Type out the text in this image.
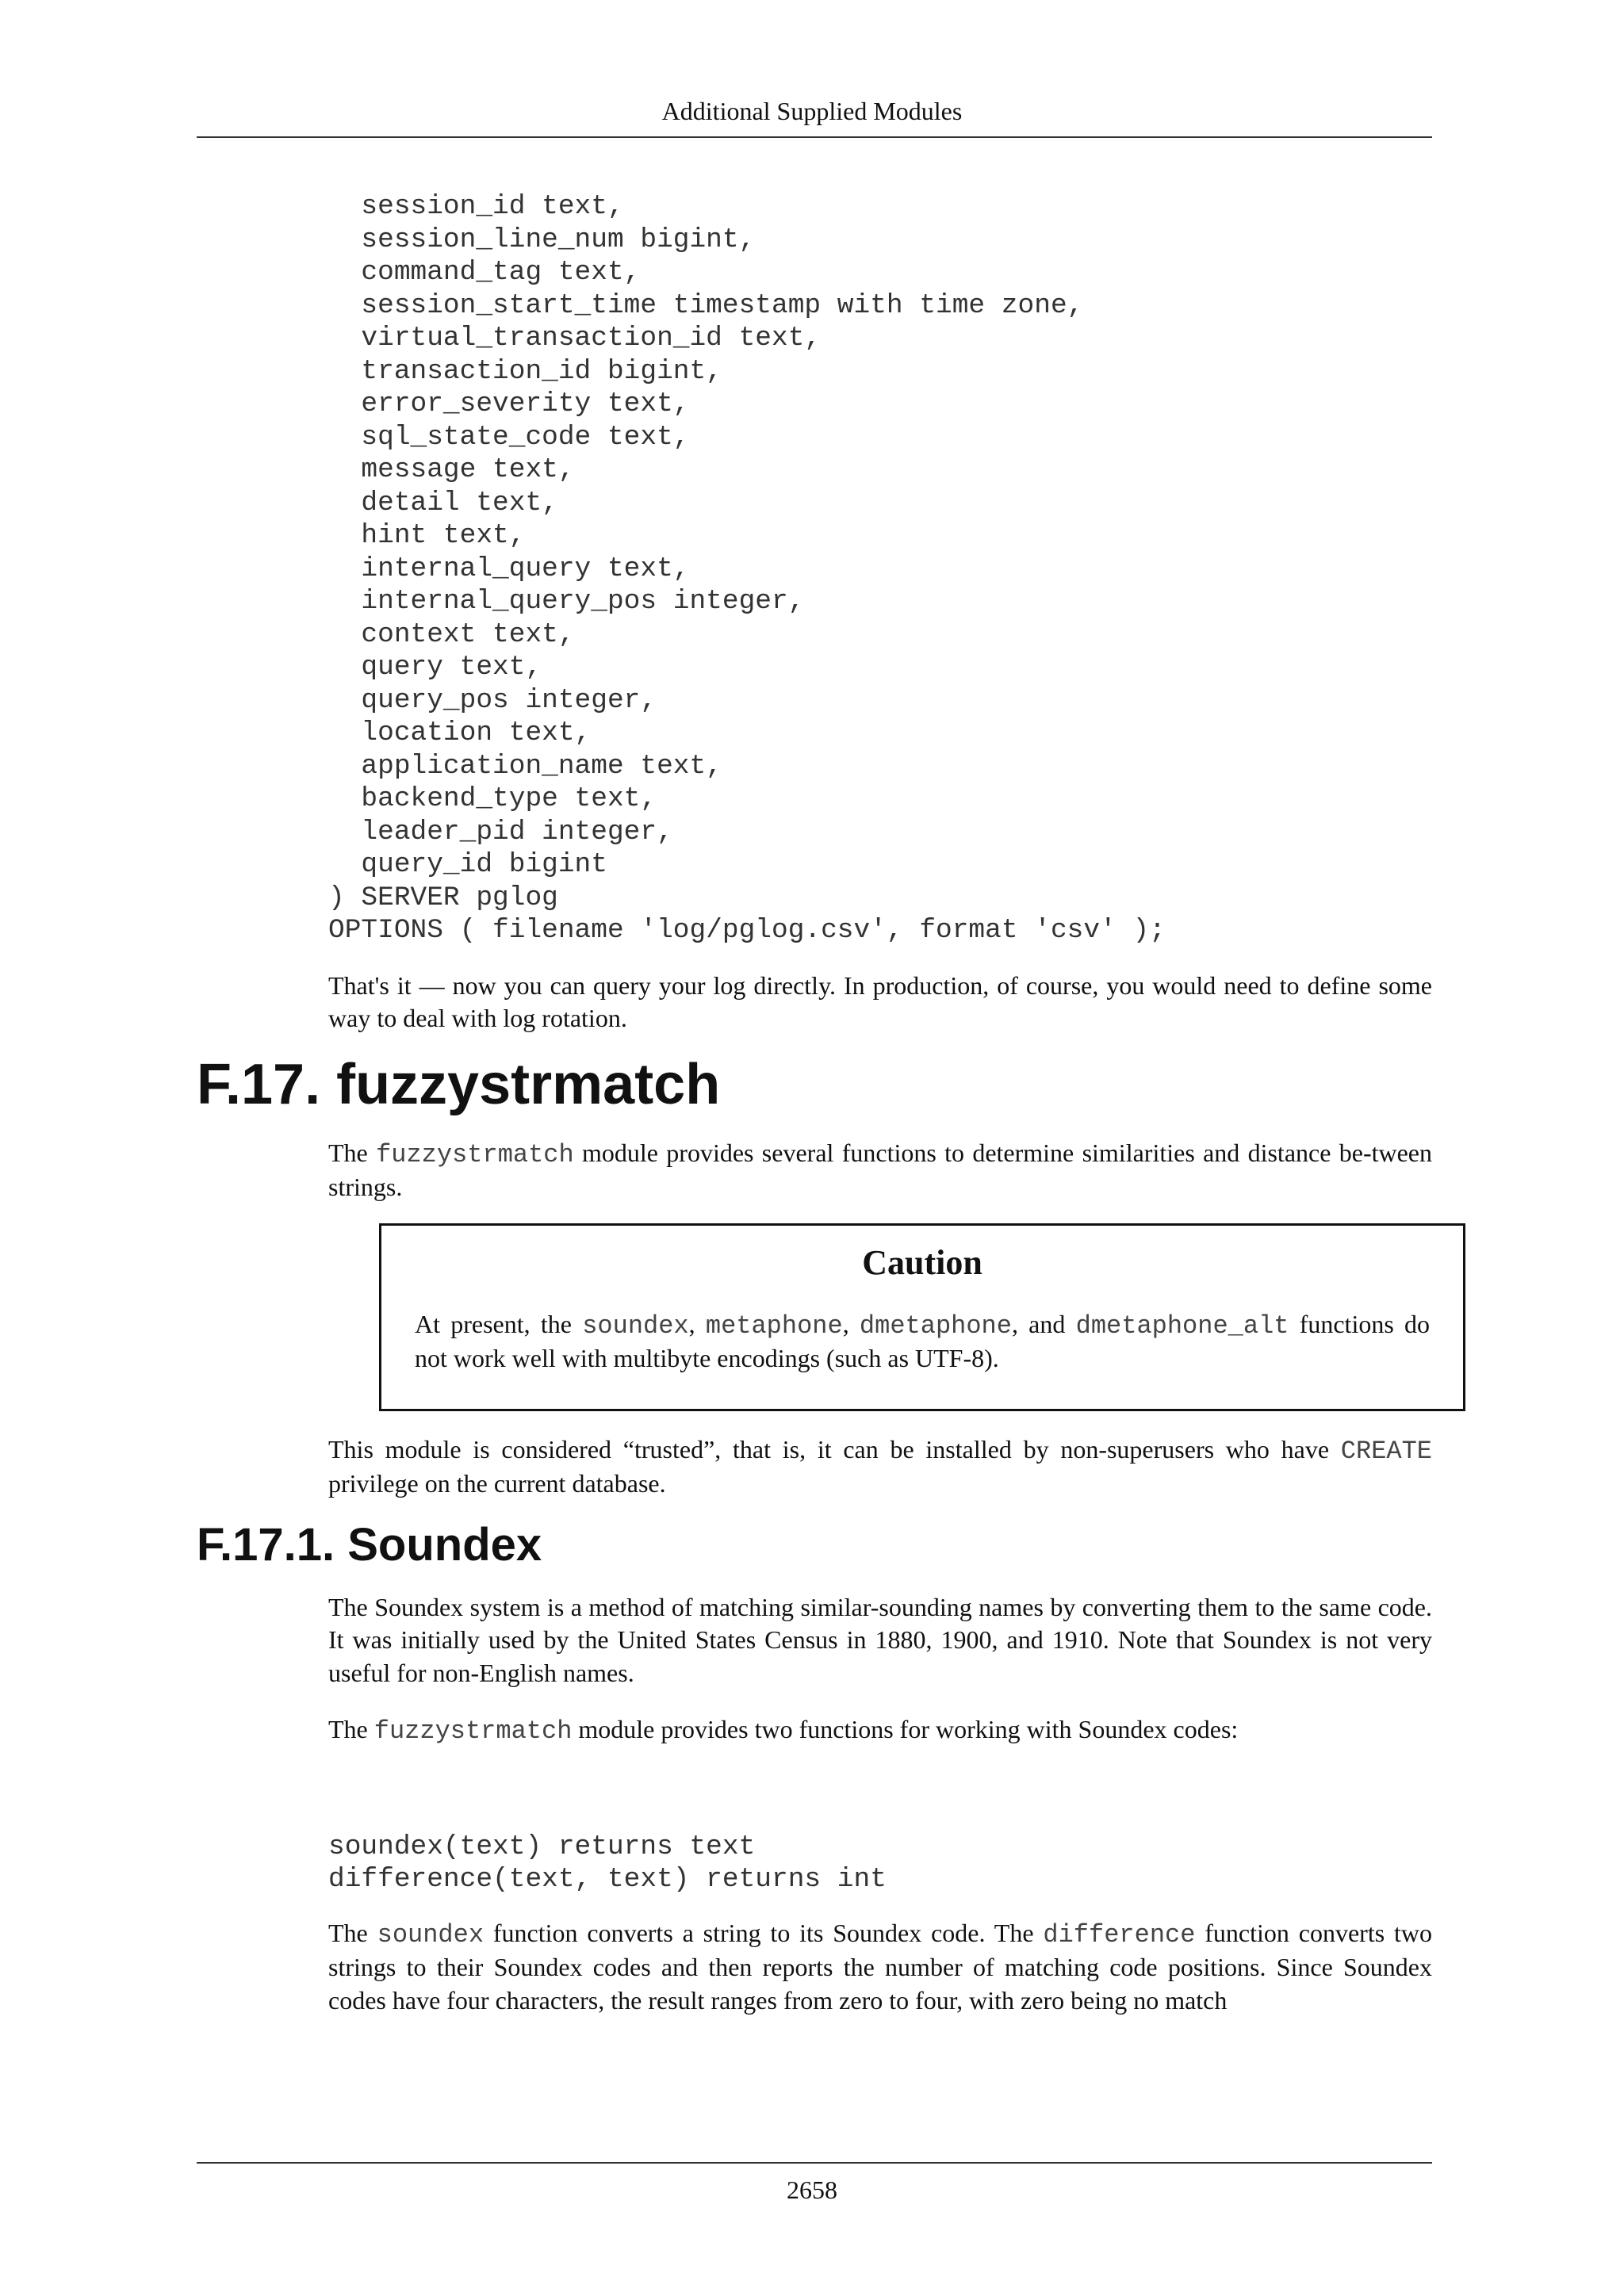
Additional Supplied Modules
session_id text,
session_line_num bigint,
command_tag text,
session_start_time timestamp with time zone,
virtual_transaction_id text,
transaction_id bigint,
error_severity text,
sql_state_code text,
message text,
detail text,
hint text,
internal_query text,
internal_query_pos integer,
context text,
query text,
query_pos integer,
location text,
application_name text,
backend_type text,
leader_pid integer,
query_id bigint
) SERVER pglog
OPTIONS ( filename 'log/pglog.csv', format 'csv' );

That's it — now you can query your log directly. In production, of course, you would need to define some way to deal with log rotation.

F.17. fuzzystrmatch

The fuzzystrmatch module provides several functions to determine similarities and distance be-tween strings.

Caution
At present, the soundex, metaphone, dmetaphone, and dmetaphone_alt functions do not work well with multibyte encodings (such as UTF-8).

This module is considered “trusted”, that is, it can be installed by non-superusers who have CREATE privilege on the current database.

F.17.1. Soundex

The Soundex system is a method of matching similar-sounding names by converting them to the same code. It was initially used by the United States Census in 1880, 1900, and 1910. Note that Soundex is not very useful for non-English names.

The fuzzystrmatch module provides two functions for working with Soundex codes:

soundex(text) returns text
difference(text, text) returns int

The soundex function converts a string to its Soundex code. The difference function converts two strings to their Soundex codes and then reports the number of matching code positions. Since Soundex codes have four characters, the result ranges from zero to four, with zero being no match

2658
